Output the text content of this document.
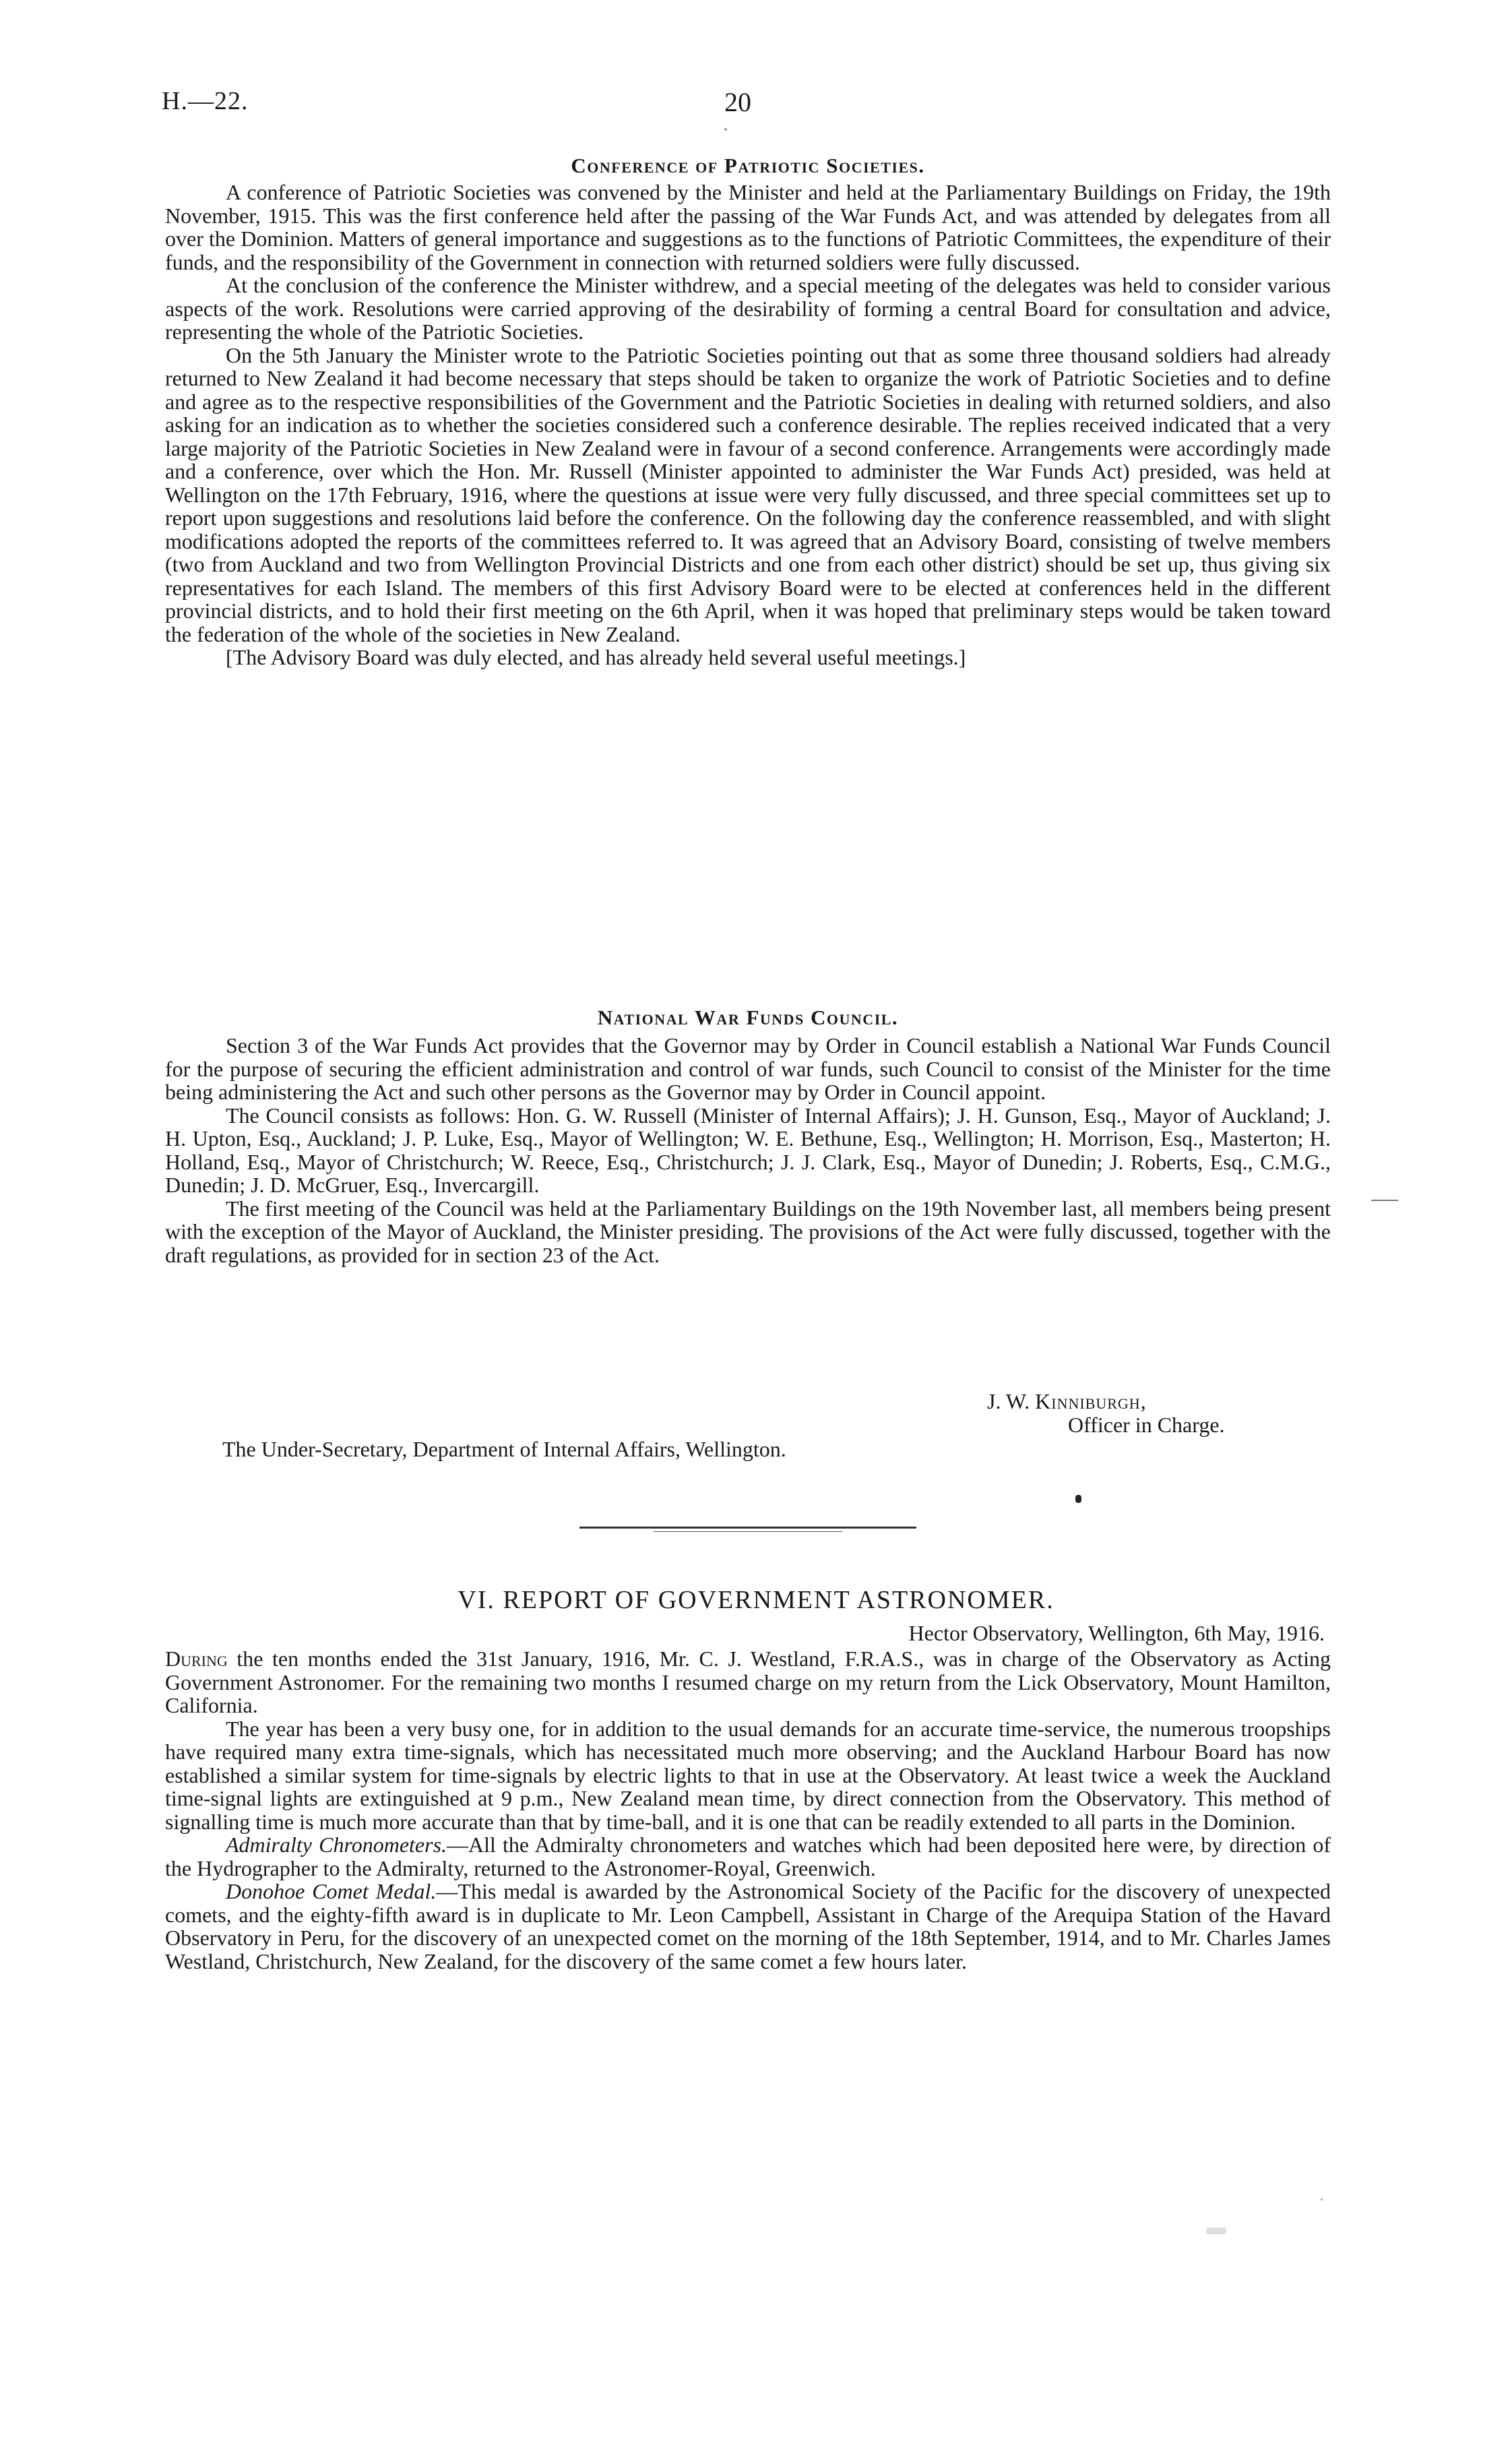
H.—22.	20
Conference of Patriotic Societies.

A conference of Patriotic Societies was convened by the Minister and held at the Parliamentary Buildings on Friday, the 19th November, 1915. This was the first conference held after the passing of the War Funds Act, and was attended by delegates from all over the Dominion. Matters of general importance and suggestions as to the functions of Patriotic Committees, the expenditure of their funds, and the responsibility of the Government in connection with returned soldiers were fully discussed.

At the conclusion of the conference the Minister withdrew, and a special meeting of the delegates was held to consider various aspects of the work. Resolutions were carried approving of the desirability of forming a central Board for consultation and advice, representing the whole of the Patriotic Societies.

On the 5th January the Minister wrote to the Patriotic Societies pointing out that as some three thousand soldiers had already returned to New Zealand it had become necessary that steps should be taken to organize the work of Patriotic Societies and to define and agree as to the respective responsibilities of the Government and the Patriotic Societies in dealing with returned soldiers, and also asking for an indication as to whether the societies considered such a conference desirable. The replies received indicated that a very large majority of the Patriotic Societies in New Zealand were in favour of a second conference. Arrangements were accordingly made and a conference, over which the Hon. Mr. Russell (Minister appointed to administer the War Funds Act) presided, was held at Wellington on the 17th February, 1916, where the questions at issue were very fully discussed, and three special committees set up to report upon suggestions and resolutions laid before the conference. On the following day the conference reassembled, and with slight modifications adopted the reports of the committees referred to. It was agreed that an Advisory Board, consisting of twelve members (two from Auckland and two from Wellington Provincial Districts and one from each other district) should be set up, thus giving six representatives for each Island. The members of this first Advisory Board were to be elected at conferences held in the different provincial districts, and to hold their first meeting on the 6th April, when it was hoped that preliminary steps would be taken toward the federation of the whole of the societies in New Zealand.

[The Advisory Board was duly elected, and has already held several useful meetings.]

National War Funds Council.

Section 3 of the War Funds Act provides that the Governor may by Order in Council establish a National War Funds Council for the purpose of securing the efficient administration and control of war funds, such Council to consist of the Minister for the time being administering the Act and such other persons as the Governor may by Order in Council appoint.

The Council consists as follows: Hon. G. W. Russell (Minister of Internal Affairs); J. H. Gunson, Esq., Mayor of Auckland; J. H. Upton, Esq., Auckland; J. P. Luke, Esq., Mayor of Wellington; W. E. Bethune, Esq., Wellington; H. Morrison, Esq., Masterton; H. Holland, Esq., Mayor of Christchurch; W. Reece, Esq., Christchurch; J. J. Clark, Esq., Mayor of Dunedin; J. Roberts, Esq., C.M.G., Dunedin; J. D. McGruer, Esq., Invercargill.

The first meeting of the Council was held at the Parliamentary Buildings on the 19th November last, all members being present with the exception of the Mayor of Auckland, the Minister presiding. The provisions of the Act were fully discussed, together with the draft regulations, as provided for in section 23 of the Act.

J. W. Kinniburgh,
Officer in Charge.
The Under-Secretary, Department of Internal Affairs, Wellington.
VI. REPORT OF GOVERNMENT ASTRONOMER.
Hector Observatory, Wellington, 6th May, 1916.

During the ten months ended the 31st January, 1916, Mr. C. J. Westland, F.R.A.S., was in charge of the Observatory as Acting Government Astronomer. For the remaining two months I resumed charge on my return from the Lick Observatory, Mount Hamilton, California.

The year has been a very busy one, for in addition to the usual demands for an accurate time-service, the numerous troopships have required many extra time-signals, which has necessitated much more observing; and the Auckland Harbour Board has now established a similar system for time-signals by electric lights to that in use at the Observatory. At least twice a week the Auckland time-signal lights are extinguished at 9 p.m., New Zealand mean time, by direct connection from the Observatory. This method of signalling time is much more accurate than that by time-ball, and it is one that can be readily extended to all parts in the Dominion.

Admiralty Chronometers.—All the Admiralty chronometers and watches which had been deposited here were, by direction of the Hydrographer to the Admiralty, returned to the Astronomer-Royal, Greenwich.

Donohoe Comet Medal.—This medal is awarded by the Astronomical Society of the Pacific for the discovery of unexpected comets, and the eighty-fifth award is in duplicate to Mr. Leon Campbell, Assistant in Charge of the Arequipa Station of the Havard Observatory in Peru, for the discovery of an unexpected comet on the morning of the 18th September, 1914, and to Mr. Charles James Westland, Christchurch, New Zealand, for the discovery of the same comet a few hours later.
